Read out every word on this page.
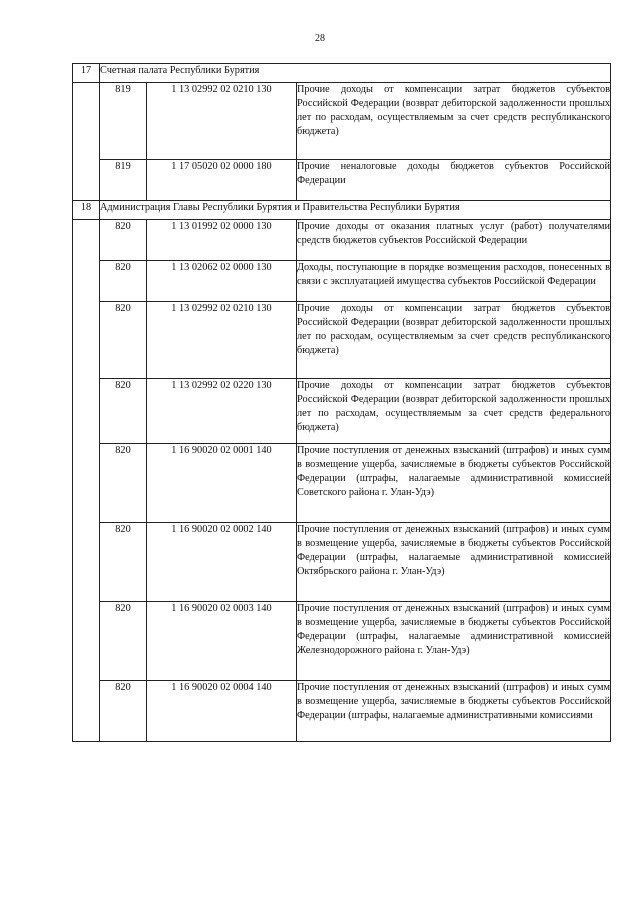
28
17	Счетная палата Республики Бурятия		
	819	1 13 02992 02 0210 130	Прочие доходы от компенсации затрат бюджетов субъектов Российской Федерации (возврат дебиторской задолженности прошлых лет по расходам, осуществляемым за счет средств республиканского бюджета)
	819	1 17 05020 02 0000 180	Прочие неналоговые доходы бюджетов субъектов Российской Федерации
18	Администрация Главы Республики Бурятия и Правительства Республики Бурятия		
	820	1 13 01992 02 0000 130	Прочие доходы от оказания платных услуг (работ) получателями средств бюджетов субъектов Российской Федерации
	820	1 13 02062 02 0000 130	Доходы, поступающие в порядке возмещения расходов, понесенных в связи с эксплуатацией имущества субъектов Российской Федерации
	820	1 13 02992 02 0210 130	Прочие доходы от компенсации затрат бюджетов субъектов Российской Федерации (возврат дебиторской задолженности прошлых лет по расходам, осуществляемым за счет средств республиканского бюджета)
	820	1 13 02992 02 0220 130	Прочие доходы от компенсации затрат бюджетов субъектов Российской Федерации (возврат дебиторской задолженности прошлых лет по расходам, осуществляемым за счет средств федерального бюджета)
	820	1 16 90020 02 0001 140	Прочие поступления от денежных взысканий (штрафов) и иных сумм в возмещение ущерба, зачисляемые в бюджеты субъектов Российской Федерации (штрафы, налагаемые административной комиссией Советского района г. Улан-Удэ)
	820	1 16 90020 02 0002 140	Прочие поступления от денежных взысканий (штрафов) и иных сумм в возмещение ущерба, зачисляемые в бюджеты субъектов Российской Федерации (штрафы, налагаемые административной комиссией Октябрьского района г. Улан-Удэ)
	820	1 16 90020 02 0003 140	Прочие поступления от денежных взысканий (штрафов) и иных сумм в возмещение ущерба, зачисляемые в бюджеты субъектов Российской Федерации (штрафы, налагаемые административной комиссией Железнодорожного района г. Улан-Удэ)
	820	1 16 90020 02 0004 140	Прочие поступления от денежных взысканий (штрафов) и иных сумм в возмещение ущерба, зачисляемые в бюджеты субъектов Российской Федерации (штрафы, налагаемые административными комиссиями
